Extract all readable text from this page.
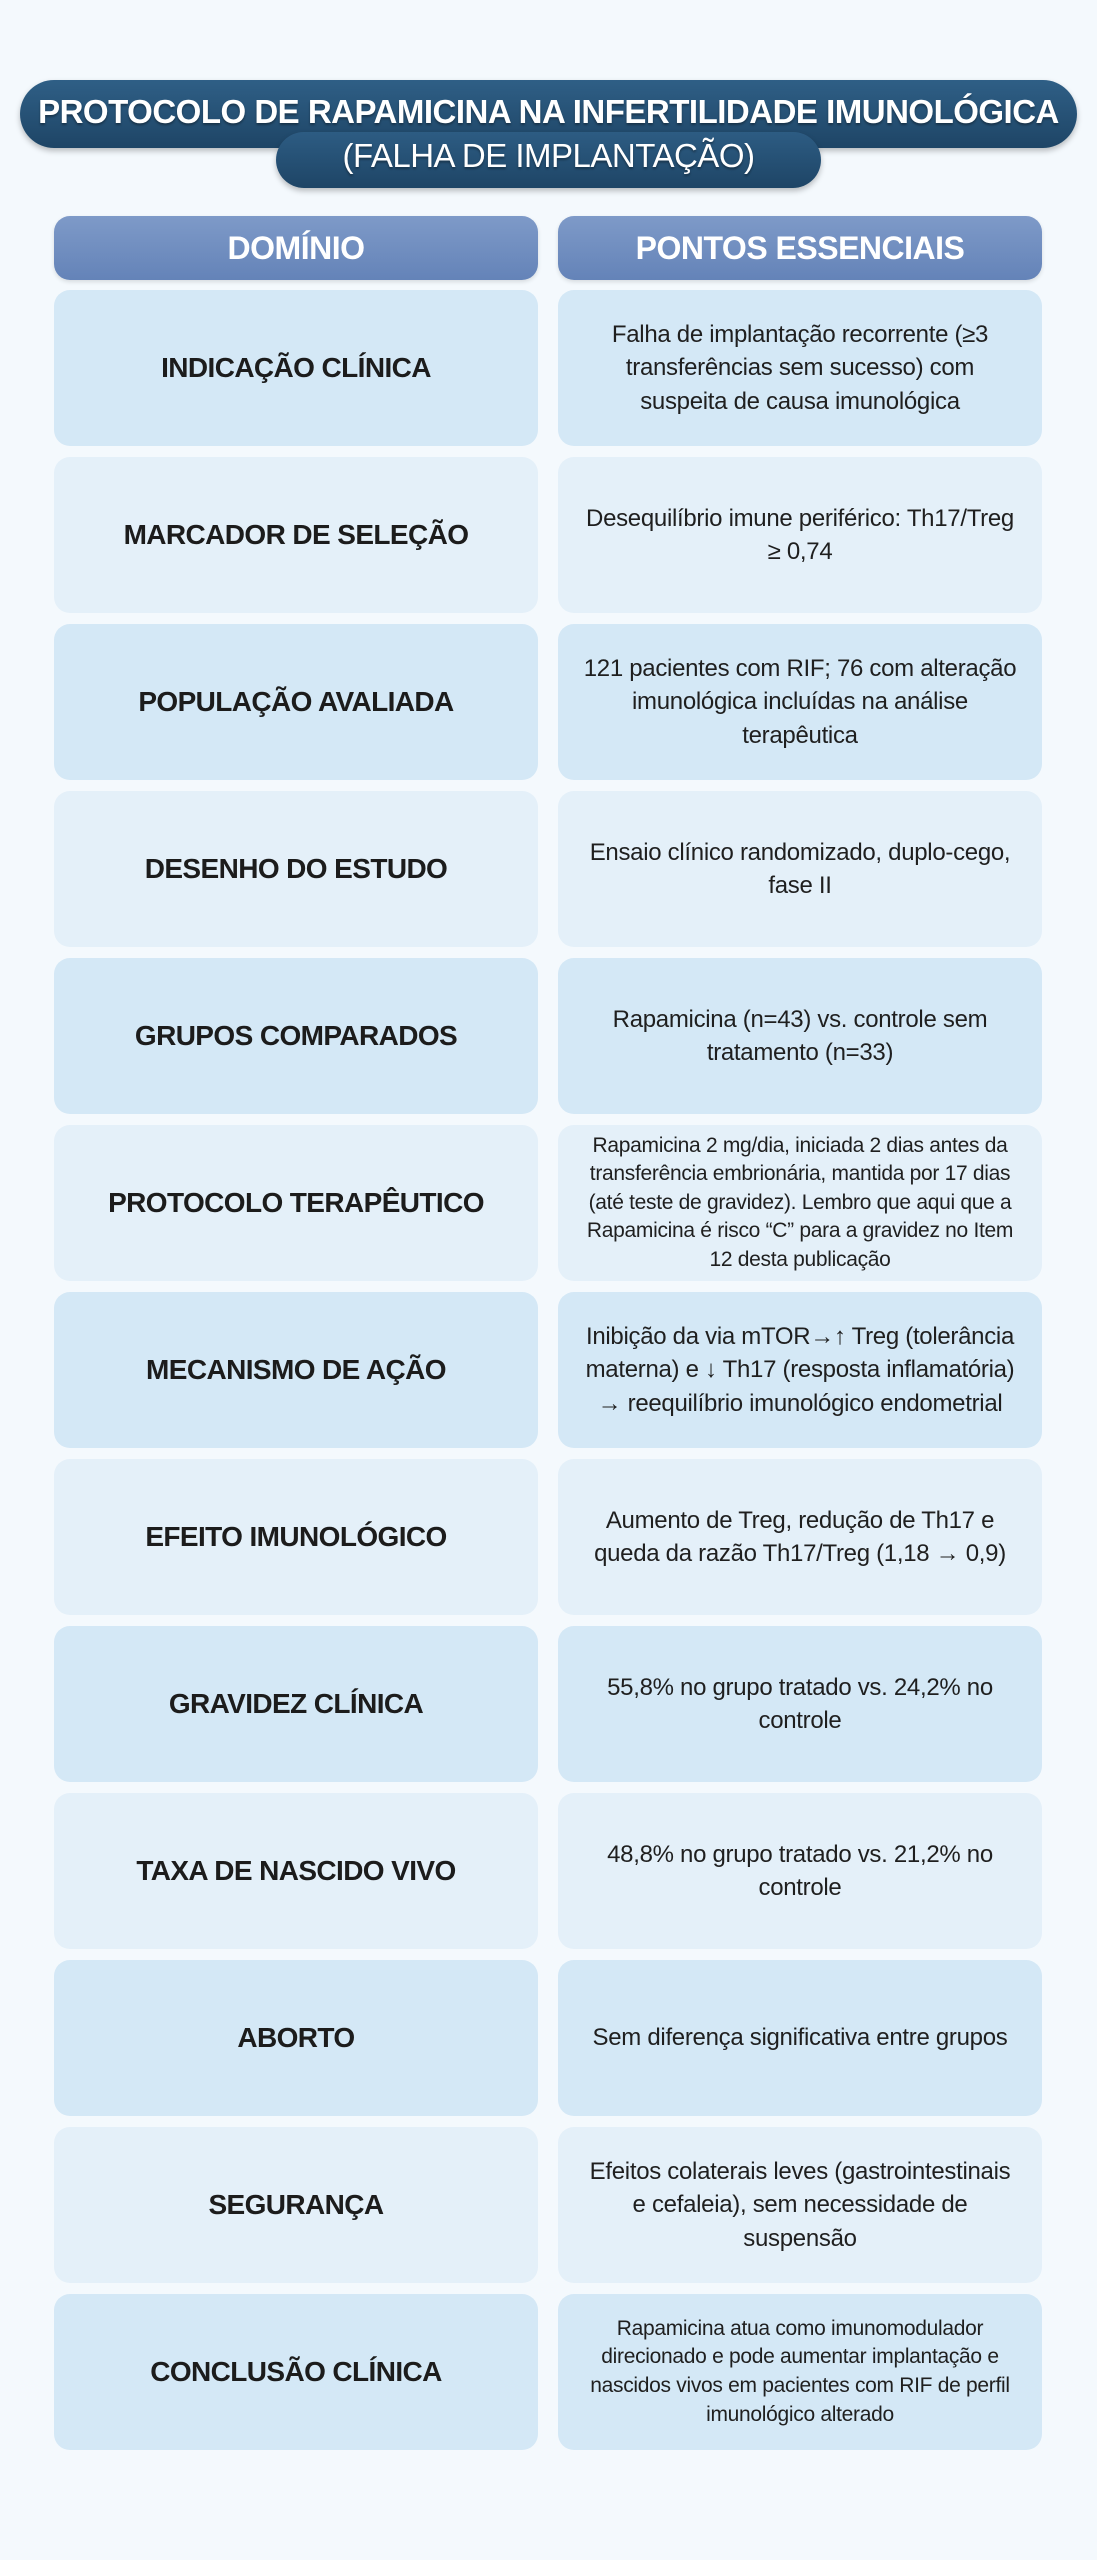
PROTOCOLO DE RAPAMICINA NA INFERTILIDADE IMUNOLÓGICA
(FALHA DE IMPLANTAÇÃO)
DOMÍNIO	PONTOS ESSENCIAIS
INDICAÇÃO CLÍNICA
Falha de implantação recorrente (≥3 transferências sem sucesso) com suspeita de causa imunológica
MARCADOR DE SELEÇÃO
Desequilíbrio imune periférico: Th17/Treg ≥ 0,74
POPULAÇÃO AVALIADA
121 pacientes com RIF; 76 com alteração imunológica incluídas na análise terapêutica
DESENHO DO ESTUDO
Ensaio clínico randomizado, duplo-cego, fase II
GRUPOS COMPARADOS
Rapamicina (n=43) vs. controle sem tratamento (n=33)
PROTOCOLO TERAPÊUTICO
Rapamicina 2 mg/dia, iniciada 2 dias antes da transferência embrionária, mantida por 17 dias (até teste de gravidez). Lembro que aqui que a Rapamicina é risco “C” para a gravidez no Item 12 desta publicação
MECANISMO DE AÇÃO
Inibição da via mTOR→↑ Treg (tolerância materna) e ↓ Th17 (resposta inflamatória) → reequilíbrio imunológico endometrial
EFEITO IMUNOLÓGICO
Aumento de Treg, redução de Th17 e queda da razão Th17/Treg (1,18 → 0,9)
GRAVIDEZ CLÍNICA
55,8% no grupo tratado vs. 24,2% no controle
TAXA DE NASCIDO VIVO
48,8% no grupo tratado vs. 21,2% no controle
ABORTO	Sem diferença significativa entre grupos
SEGURANÇA
Efeitos colaterais leves (gastrointestinais e cefaleia), sem necessidade de suspensão
CONCLUSÃO CLÍNICA
Rapamicina atua como imunomodulador direcionado e pode aumentar implantação e nascidos vivos em pacientes com RIF de perfil imunológico alterado
